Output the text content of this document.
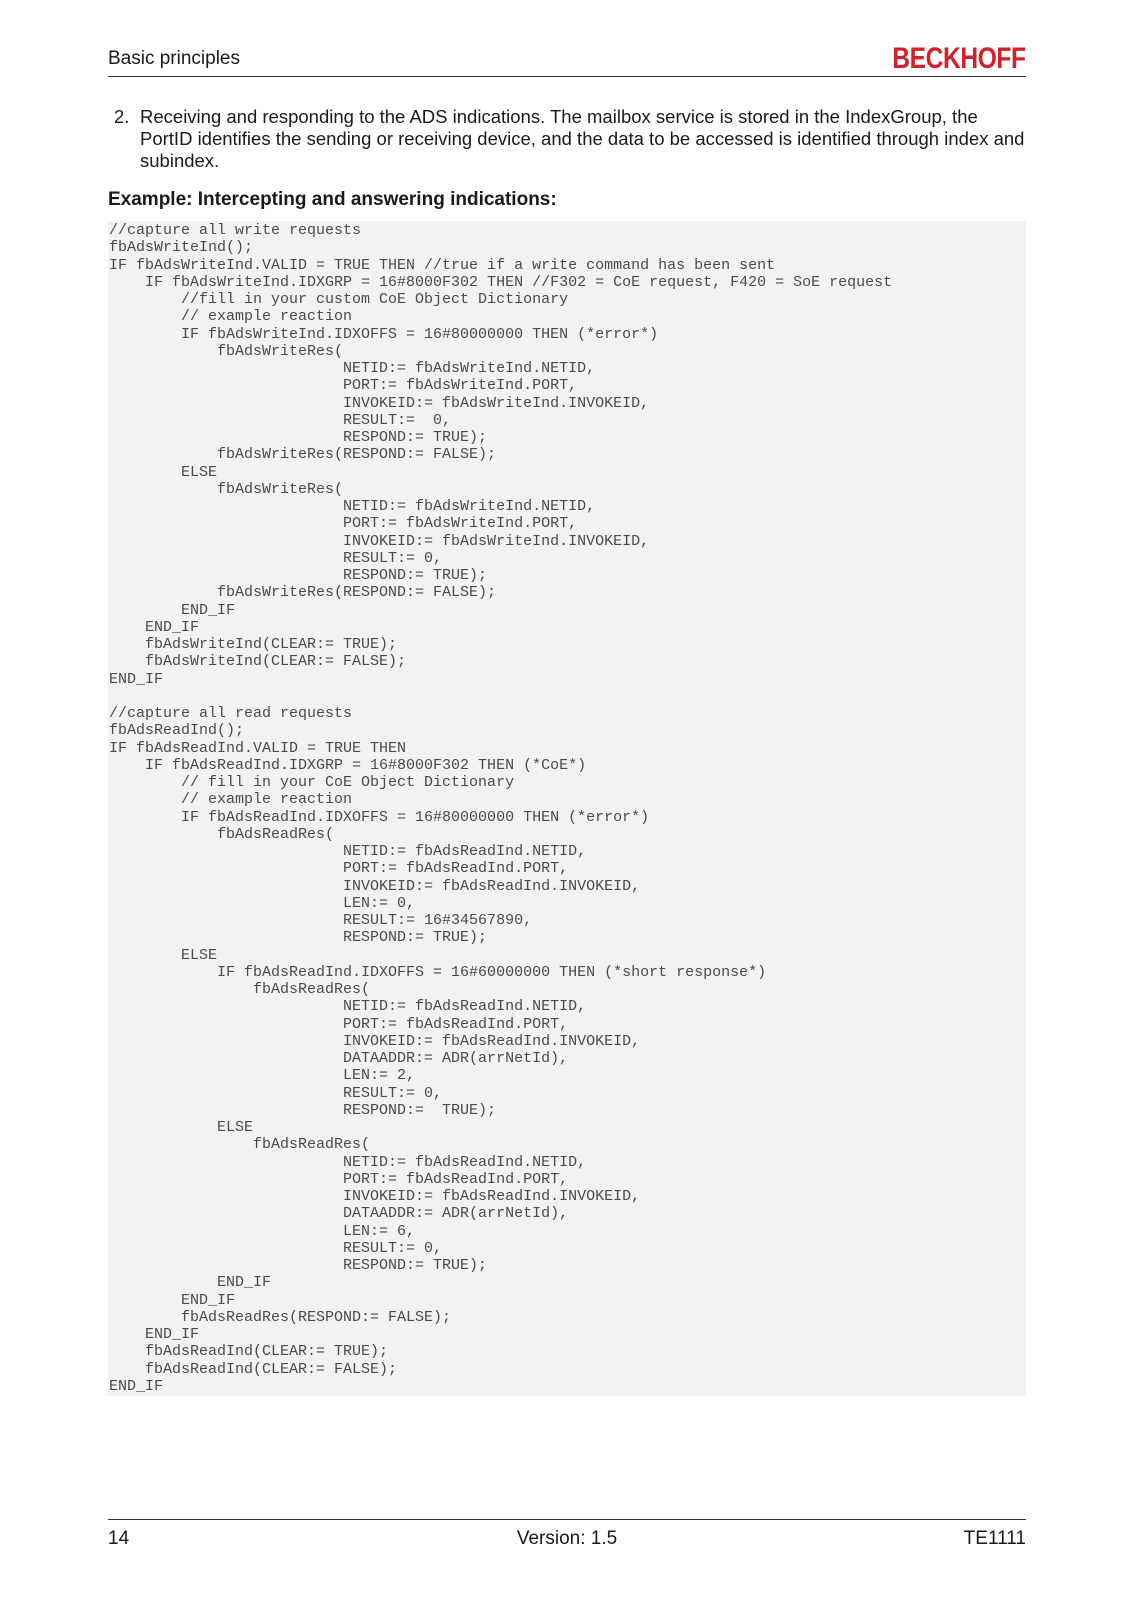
Basic principles	BECKHOFF
2. Receiving and responding to the ADS indications. The mailbox service is stored in the IndexGroup, the PortID identifies the sending or receiving device, and the data to be accessed is identified through index and subindex.
Example: Intercepting and answering indications:
//capture all write requests
fbAdsWriteInd();
IF fbAdsWriteInd.VALID = TRUE THEN //true if a write command has been sent
IF fbAdsWriteInd.IDXGRP = 16#8000F302 THEN //F302 = CoE request, F420 = SoE request
//fill in your custom CoE Object Dictionary
// example reaction
IF fbAdsWriteInd.IDXOFFS = 16#80000000 THEN (*error*)
fbAdsWriteRes(
NETID:= fbAdsWriteInd.NETID,
PORT:= fbAdsWriteInd.PORT,
INVOKEID:= fbAdsWriteInd.INVOKEID,
RESULT:=  0,
RESPOND:= TRUE);
fbAdsWriteRes(RESPOND:= FALSE);
ELSE
fbAdsWriteRes(
NETID:= fbAdsWriteInd.NETID,
PORT:= fbAdsWriteInd.PORT,
INVOKEID:= fbAdsWriteInd.INVOKEID,
RESULT:= 0,
RESPOND:= TRUE);
fbAdsWriteRes(RESPOND:= FALSE);
END_IF
END_IF
fbAdsWriteInd(CLEAR:= TRUE);
fbAdsWriteInd(CLEAR:= FALSE);
END_IF

//capture all read requests
fbAdsReadInd();
IF fbAdsReadInd.VALID = TRUE THEN
IF fbAdsReadInd.IDXGRP = 16#8000F302 THEN (*CoE*)
// fill in your CoE Object Dictionary
// example reaction
IF fbAdsReadInd.IDXOFFS = 16#80000000 THEN (*error*)
fbAdsReadRes(
NETID:= fbAdsReadInd.NETID,
PORT:= fbAdsReadInd.PORT,
INVOKEID:= fbAdsReadInd.INVOKEID,
LEN:= 0,
RESULT:= 16#34567890,
RESPOND:= TRUE);
ELSE
IF fbAdsReadInd.IDXOFFS = 16#60000000 THEN (*short response*)
fbAdsReadRes(
NETID:= fbAdsReadInd.NETID,
PORT:= fbAdsReadInd.PORT,
INVOKEID:= fbAdsReadInd.INVOKEID,
DATAADDR:= ADR(arrNetId),
LEN:= 2,
RESULT:= 0,
RESPOND:=  TRUE);
ELSE
fbAdsReadRes(
NETID:= fbAdsReadInd.NETID,
PORT:= fbAdsReadInd.PORT,
INVOKEID:= fbAdsReadInd.INVOKEID,
DATAADDR:= ADR(arrNetId),
LEN:= 6,
RESULT:= 0,
RESPOND:= TRUE);
END_IF
END_IF
fbAdsReadRes(RESPOND:= FALSE);
END_IF
fbAdsReadInd(CLEAR:= TRUE);
fbAdsReadInd(CLEAR:= FALSE);
END_IF
14	Version: 1.5	TE1111
